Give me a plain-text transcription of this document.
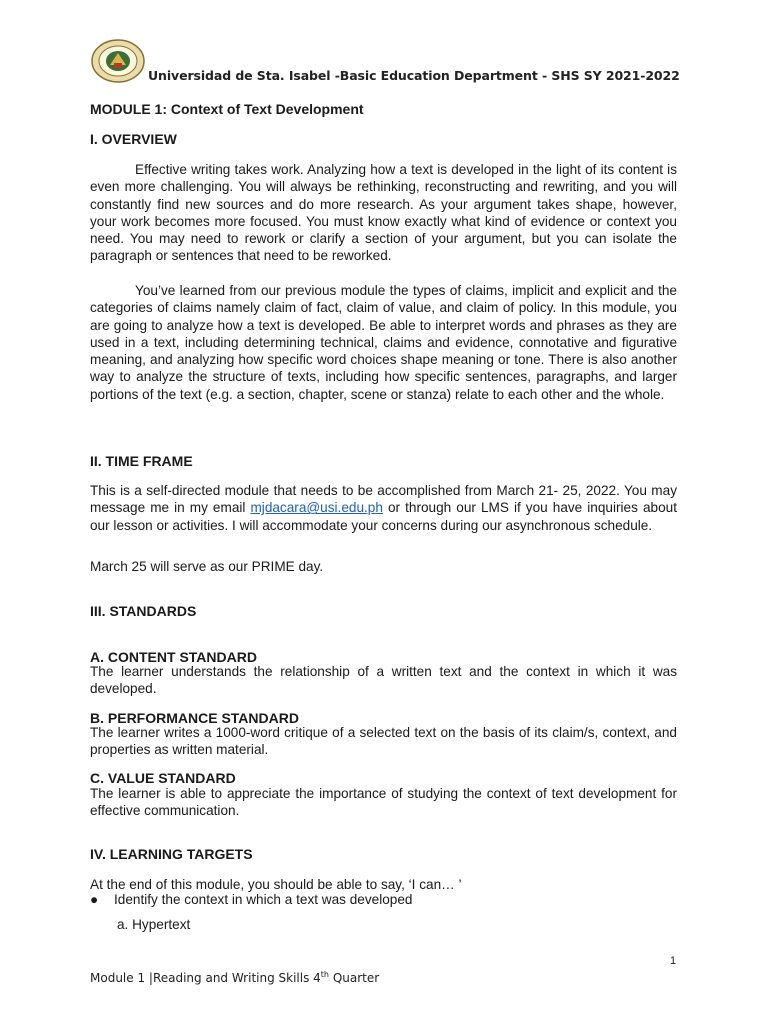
Universidad de Sta. Isabel -Basic Education Department - SHS SY 2021-2022
MODULE 1: Context of Text Development
I. OVERVIEW
Effective writing takes work. Analyzing how a text is developed in the light of its content is even more challenging. You will always be rethinking, reconstructing and rewriting, and you will constantly find new sources and do more research. As your argument takes shape, however, your work becomes more focused. You must know exactly what kind of evidence or context you need. You may need to rework or clarify a section of your argument, but you can isolate the paragraph or sentences that need to be reworked.
You’ve learned from our previous module the types of claims, implicit and explicit and the categories of claims namely claim of fact, claim of value, and claim of policy. In this module, you are going to analyze how a text is developed. Be able to interpret words and phrases as they are used in a text, including determining technical, claims and evidence, connotative and figurative meaning, and analyzing how specific word choices shape meaning or tone. There is also another way to analyze the structure of texts, including how specific sentences, paragraphs, and larger portions of the text (e.g. a section, chapter, scene or stanza) relate to each other and the whole.
II. TIME FRAME
This is a self-directed module that needs to be accomplished from March 21- 25, 2022. You may message me in my email mjdacara@usi.edu.ph or through our LMS if you have inquiries about our lesson or activities. I will accommodate your concerns during our asynchronous schedule.
March 25 will serve as our PRIME day.
III. STANDARDS
A. CONTENT STANDARD
The learner understands the relationship of a written text and the context in which it was developed.
B. PERFORMANCE STANDARD
The learner writes a 1000-word critique of a selected text on the basis of its claim/s, context, and properties as written material.
C. VALUE STANDARD
The learner is able to appreciate the importance of studying the context of text development for effective communication.
IV. LEARNING TARGETS
At the end of this module, you should be able to say, ‘I can… ’
● Identify the context in which a text was developed
a. Hypertext
1
Module 1 |Reading and Writing Skills 4th Quarter
